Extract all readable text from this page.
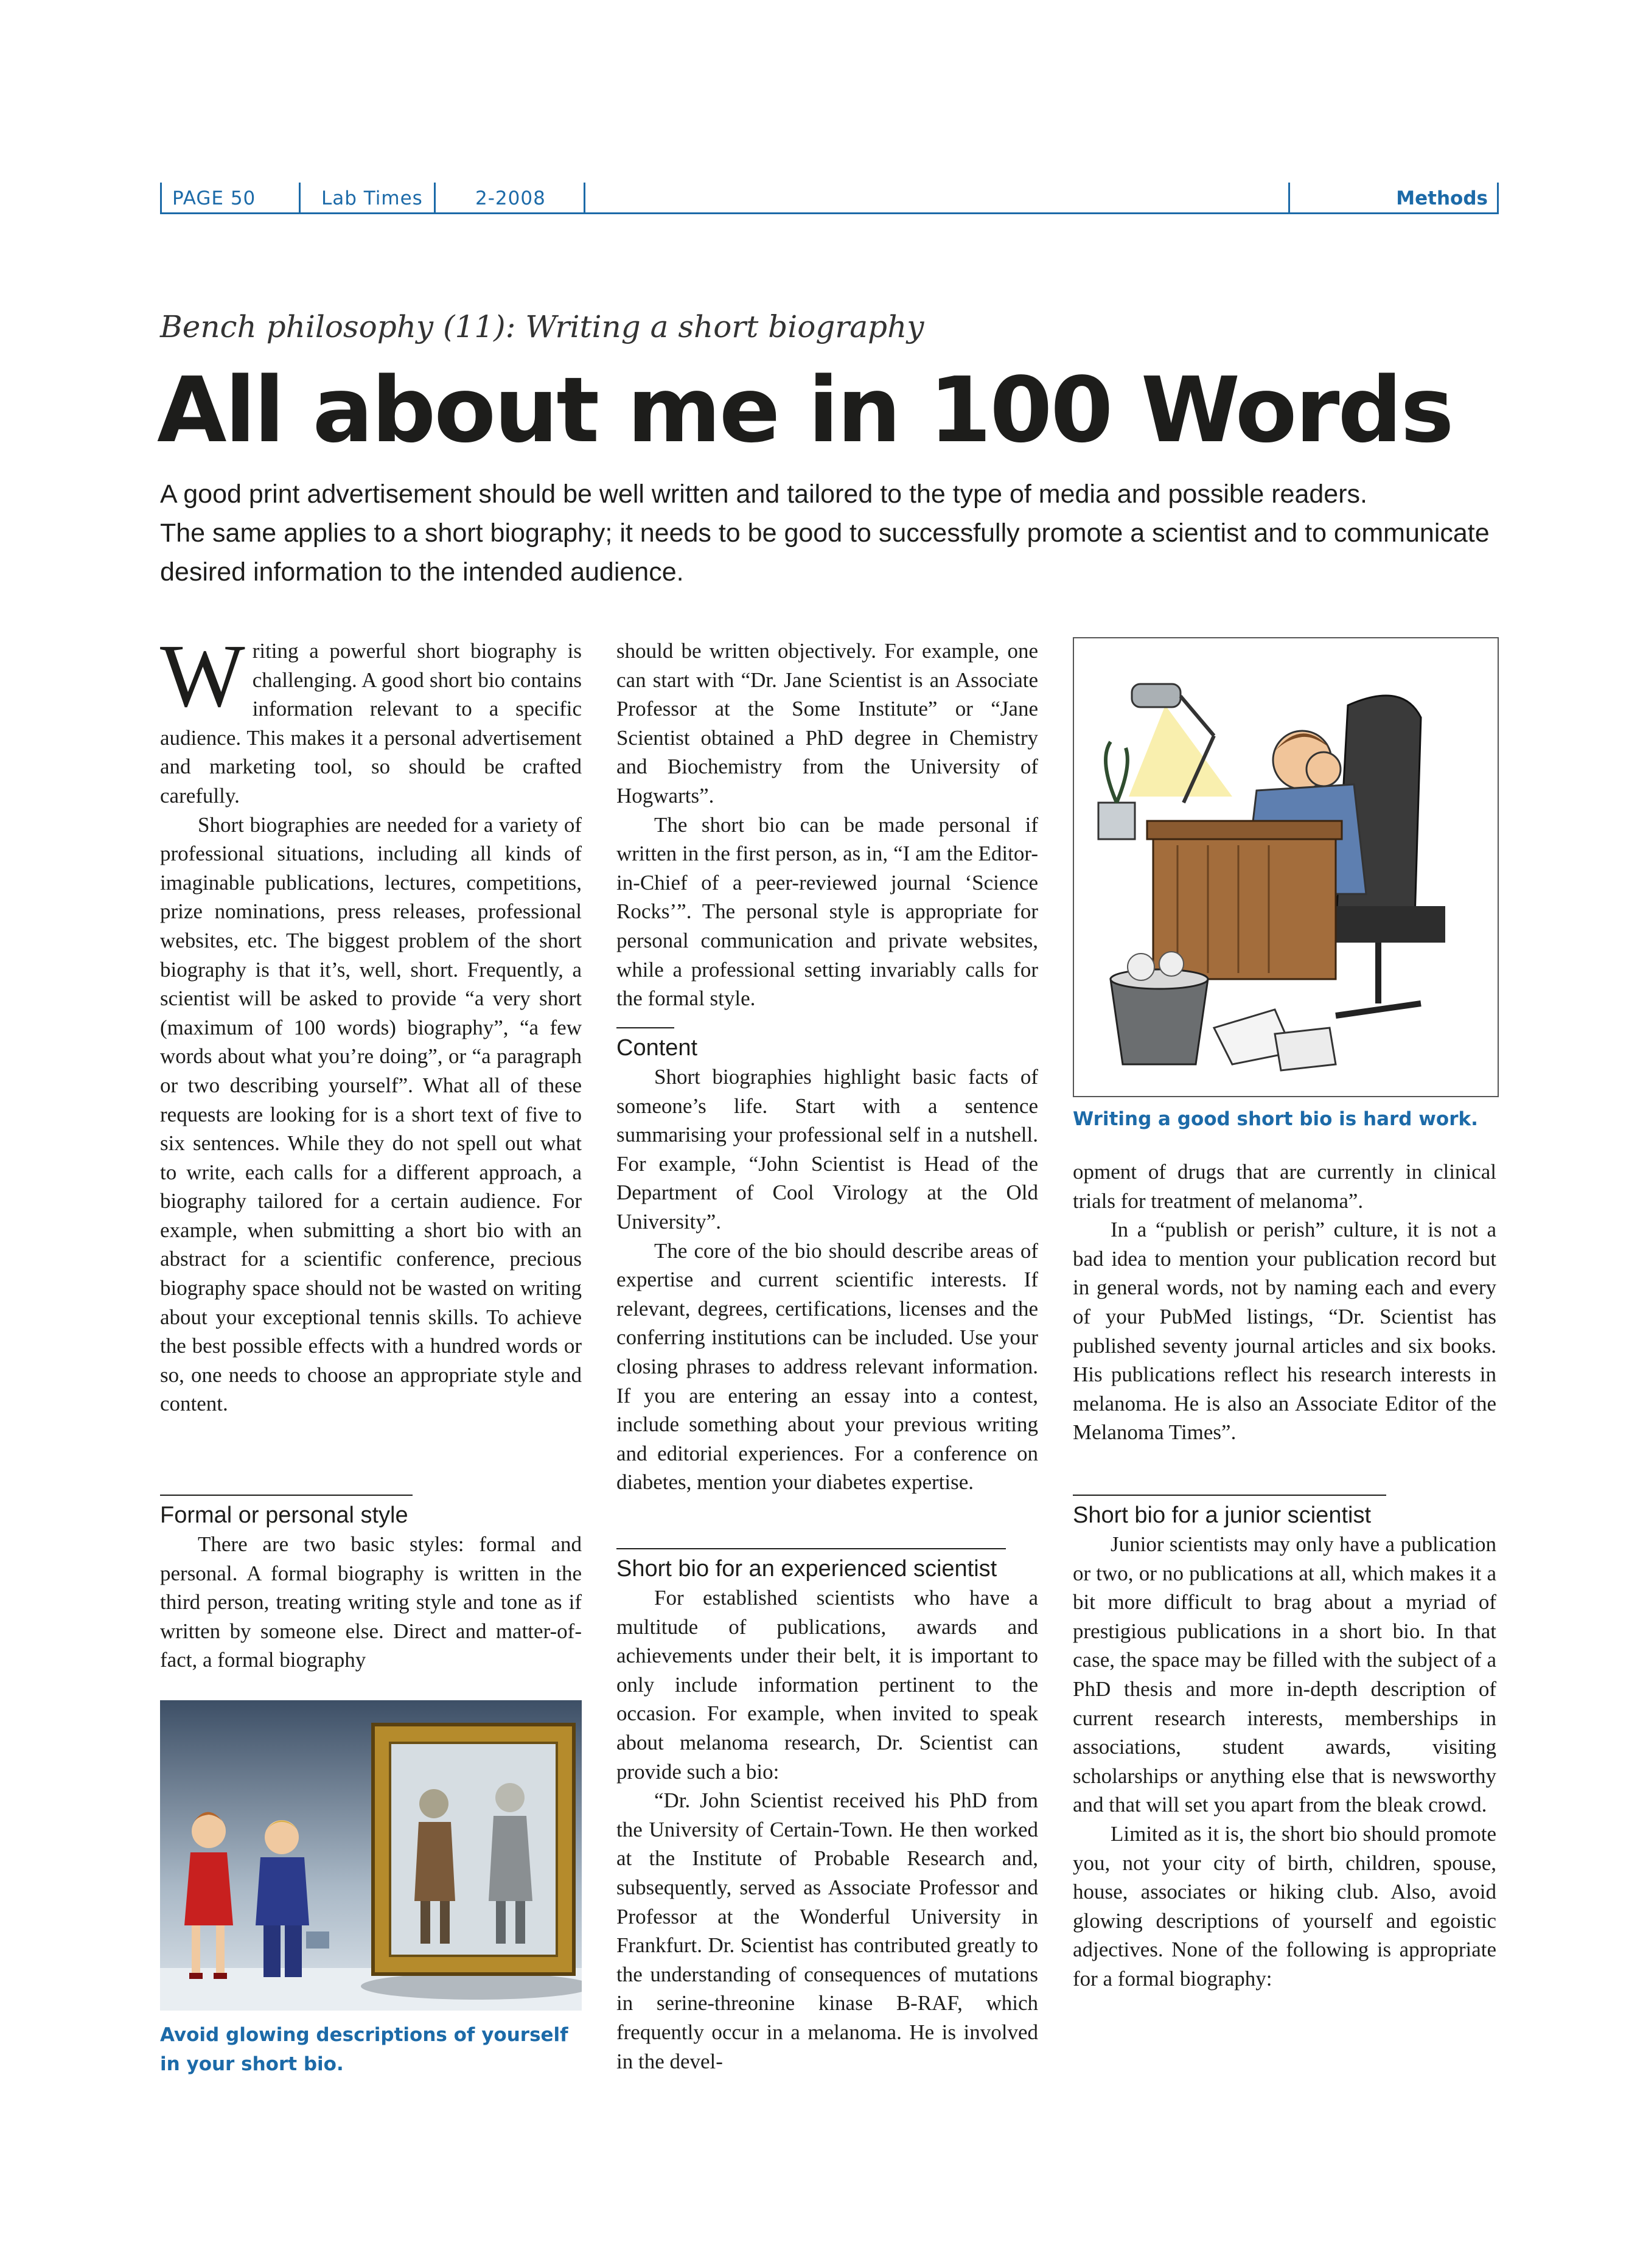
PAGE 50	Lab Times	2-2008	Methods
Bench philosophy (11): Writing a short biography
All about me in 100 Words

A good print advertisement should be well written and tailored to the type of media and possible readers.

The same applies to a short biography; it needs to be good to successfully promote a scientist and to communicate desired information to the intended audience.

Writing a powerful short biography is challenging. A good short bio contains information relevant to a specific audience. This makes it a personal advertisement and marketing tool, so should be crafted carefully.

Short biographies are needed for a variety of professional situations, including all kinds of imaginable publications, lectures, competitions, prize nominations, press releases, professional websites, etc. The biggest problem of the short biography is that it’s, well, short. Frequently, a scientist will be asked to provide “a very short (maximum of 100 words) biography”, “a few words about what you’re doing”, or “a paragraph or two describing yourself”. What all of these requests are looking for is a short text of five to six sentences. While they do not spell out what to write, each calls for a different approach, a biography tailored for a certain audience. For example, when submitting a short bio with an abstract for a scientific conference, precious biography space should not be wasted on writing about your exceptional tennis skills. To achieve the best possible effects with a hundred words or so, one needs to choose an appropriate style and content.

Formal or personal style

There are two basic styles: formal and personal. A formal biography is written in the third person, treating writing style and tone as if written by someone else. Direct and matter-of-fact, a formal biography

Avoid glowing descriptions of yourself
in your short bio.

should be written objectively. For example, one can start with “Dr. Jane Scientist is an Associate Professor at the Some Institute” or “Jane Scientist obtained a PhD degree in Chemistry and Biochemistry from the University of Hogwarts”.

The short bio can be made personal if written in the first person, as in, “I am the Editor-in-Chief of a peer-reviewed journal ‘Science Rocks’”. The personal style is appropriate for personal communication and private websites, while a professional setting invariably calls for the formal style.

Content

Short biographies highlight basic facts of someone’s life. Start with a sentence summarising your professional self in a nutshell. For example, “John Scientist is Head of the Department of Cool Virology at the Old University”.

The core of the bio should describe areas of expertise and current scientific interests. If relevant, degrees, certifications, licenses and the conferring institutions can be included. Use your closing phrases to address relevant information. If you are entering an essay into a contest, include something about your previous writing and editorial experiences. For a conference on diabetes, mention your diabetes expertise.

Short bio for an experienced scientist

For established scientists who have a multitude of publications, awards and achievements under their belt, it is important to only include information pertinent to the occasion. For example, when invited to speak about melanoma research, Dr. Scientist can provide such a bio:

“Dr. John Scientist received his PhD from the University of Certain-Town. He then worked at the Institute of Probable Research and, subsequently, served as Associate Professor and Professor at the Wonderful University in Frankfurt. Dr. Scientist has contributed greatly to the understanding of consequences of mutations in serine-threonine kinase B-RAF, which frequently occur in a melanoma. He is involved in the devel-

Writing a good short bio is hard work.

opment of drugs that are currently in clinical trials for treatment of melanoma”.

In a “publish or perish” culture, it is not a bad idea to mention your publication record but in general words, not by naming each and every of your PubMed listings, “Dr. Scientist has published seventy journal articles and six books. His publications reflect his research interests in melanoma. He is also an Associate Editor of the Melanoma Times”.

Short bio for a junior scientist

Junior scientists may only have a publication or two, or no publications at all, which makes it a bit more difficult to brag about a myriad of prestigious publications in a short bio. In that case, the space may be filled with the subject of a PhD thesis and more in-depth description of current research interests, memberships in associations, student awards, visiting scholarships or anything else that is newsworthy and that will set you apart from the bleak crowd.

Limited as it is, the short bio should promote you, not your city of birth, children, spouse, house, associates or hiking club. Also, avoid glowing descriptions of yourself and egoistic adjectives. None of the following is appropriate for a formal biography:
